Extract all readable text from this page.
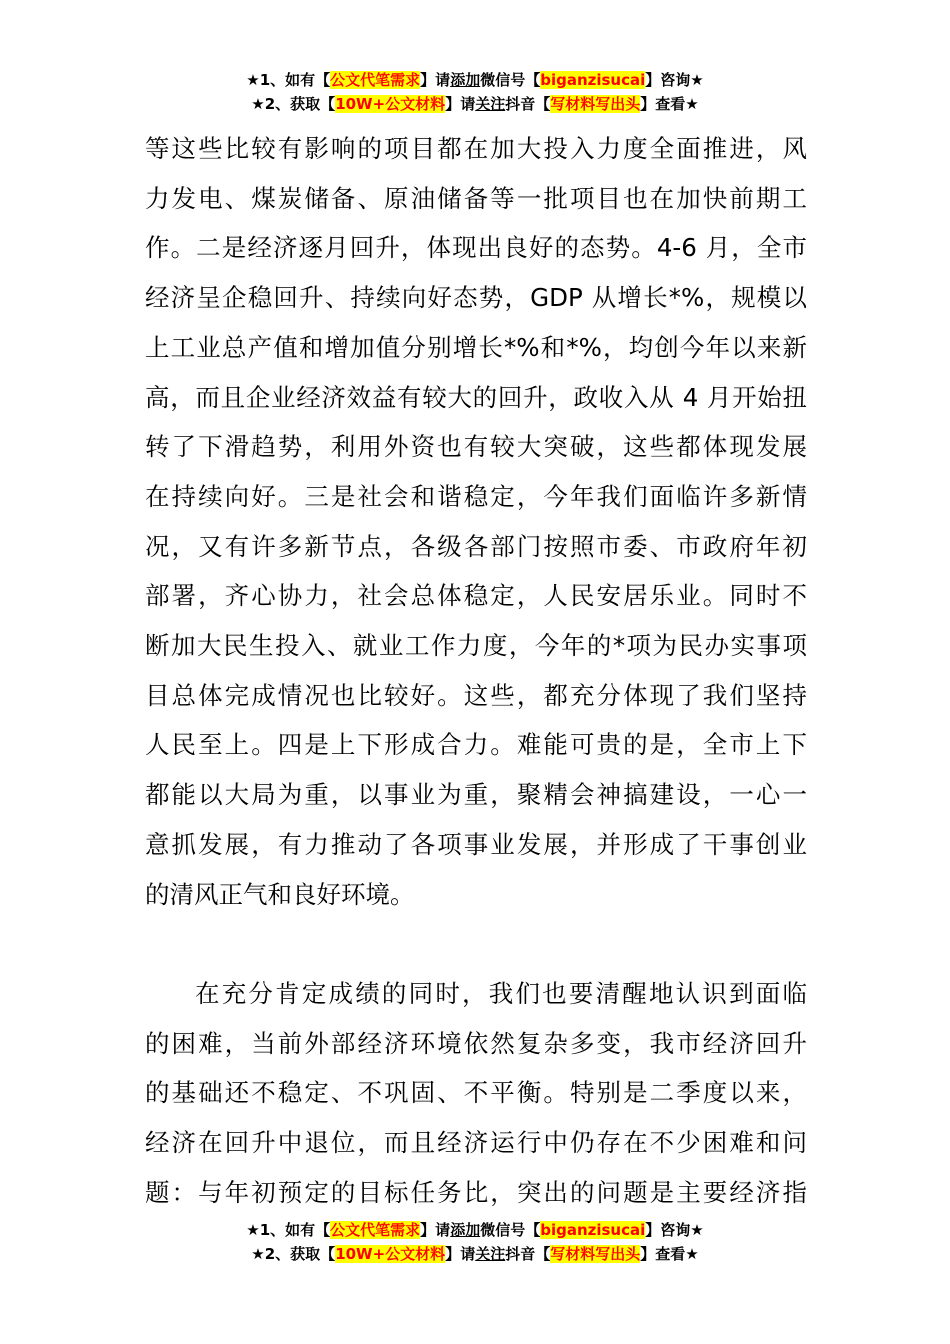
★1、如有【公文代笔需求】请添加微信号【biganzisucai】咨询★
★2、获取【10W+公文材料】请关注抖音【写材料写出头】查看★

等这些比较有影响的项目都在加大投入力度全面推进，风

力发电、煤炭储备、原油储备等一批项目也在加快前期工

作。二是经济逐月回升，体现出良好的态势。4-6 月，全市

经济呈企稳回升、持续向好态势，GDP 从增长*%，规模以

上工业总产值和增加值分别增长*%和*%，均创今年以来新

高，而且企业经济效益有较大的回升，政收入从 4 月开始扭

转了下滑趋势，利用外资也有较大突破，这些都体现发展

在持续向好。三是社会和谐稳定，今年我们面临许多新情

况，又有许多新节点，各级各部门按照市委、市政府年初

部署，齐心协力，社会总体稳定，人民安居乐业。同时不

断加大民生投入、就业工作力度，今年的*项为民办实事项

目总体完成情况也比较好。这些，都充分体现了我们坚持

人民至上。四是上下形成合力。难能可贵的是，全市上下

都能以大局为重，以事业为重，聚精会神搞建设，一心一

意抓发展，有力推动了各项事业发展，并形成了干事创业

的清风正气和良好环境。

在充分肯定成绩的同时，我们也要清醒地认识到面临

的困难，当前外部经济环境依然复杂多变，我市经济回升

的基础还不稳定、不巩固、不平衡。特别是二季度以来，

经济在回升中退位，而且经济运行中仍存在不少困难和问

题：与年初预定的目标任务比，突出的问题是主要经济指

★1、如有【公文代笔需求】请添加微信号【biganzisucai】咨询★
★2、获取【10W+公文材料】请关注抖音【写材料写出头】查看★
